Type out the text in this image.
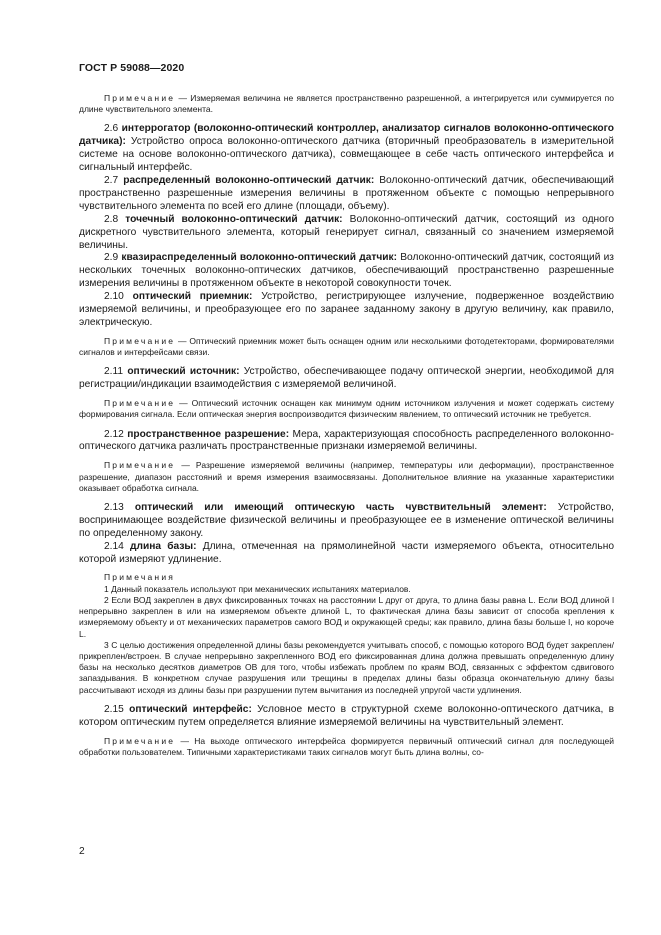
ГОСТ Р 59088—2020

Примечание — Измеряемая величина не является пространственно разрешенной, а интегрируется или суммируется по длине чувствительного элемента.

2.6 интеррогатор (волоконно-оптический контроллер, анализатор сигналов волоконно-оптического датчика): Устройство опроса волоконно-оптического датчика (вторичный преобразователь в измерительной системе на основе волоконно-оптического датчика), совмещающее в себе часть оптического интерфейса и сигнальный интерфейс.

2.7 распределенный волоконно-оптический датчик: Волоконно-оптический датчик, обеспечивающий пространственно разрешенные измерения величины в протяженном объекте с помощью непрерывного чувствительного элемента по всей его длине (площади, объему).

2.8 точечный волоконно-оптический датчик: Волоконно-оптический датчик, состоящий из одного дискретного чувствительного элемента, который генерирует сигнал, связанный со значением измеряемой величины.

2.9 квазираспределенный волоконно-оптический датчик: Волоконно-оптический датчик, состоящий из нескольких точечных волоконно-оптических датчиков, обеспечивающий пространственно разрешенные измерения величины в протяженном объекте в некоторой совокупности точек.

2.10 оптический приемник: Устройство, регистрирующее излучение, подверженное воздействию измеряемой величины, и преобразующее его по заранее заданному закону в другую величину, как правило, электрическую.

Примечание — Оптический приемник может быть оснащен одним или несколькими фотодетекторами, формирователями сигналов и интерфейсами связи.

2.11 оптический источник: Устройство, обеспечивающее подачу оптической энергии, необходимой для регистрации/индикации взаимодействия с измеряемой величиной.

Примечание — Оптический источник оснащен как минимум одним источником излучения и может содержать систему формирования сигнала. Если оптическая энергия воспроизводится физическим явлением, то оптический источник не требуется.

2.12 пространственное разрешение: Мера, характеризующая способность распределенного волоконно-оптического датчика различать пространственные признаки измеряемой величины.

Примечание — Разрешение измеряемой величины (например, температуры или деформации), пространственное разрешение, диапазон расстояний и время измерения взаимосвязаны. Дополнительное влияние на указанные характеристики оказывает обработка сигнала.

2.13 оптический или имеющий оптическую часть чувствительный элемент: Устройство, воспринимающее воздействие физической величины и преобразующее ее в изменение оптической величины по определенному закону.

2.14 длина базы: Длина, отмеченная на прямолинейной части измеряемого объекта, относительно которой измеряют удлинение.

Примечания

1 Данный показатель используют при механических испытаниях материалов.

2 Если ВОД закреплен в двух фиксированных точках на расстоянии L друг от друга, то длина базы равна L. Если ВОД длиной l непрерывно закреплен в или на измеряемом объекте длиной L, то фактическая длина базы зависит от способа крепления к измеряемому объекту и от механических параметров самого ВОД и окружающей среды; как правило, длина базы больше l, но короче L.

3 С целью достижения определенной длины базы рекомендуется учитывать способ, с помощью которого ВОД будет закреплен/прикреплен/встроен. В случае непрерывно закрепленного ВОД его фиксированная длина должна превышать определенную длину базы на несколько десятков диаметров ОВ для того, чтобы избежать проблем по краям ВОД, связанных с эффектом сдвигового запаздывания. В конкретном случае разрушения или трещины в пределах длины базы образца окончательную длину базы рассчитывают исходя из длины базы при разрушении путем вычитания из последней упругой части удлинения.

2.15 оптический интерфейс: Условное место в структурной схеме волоконно-оптического датчика, в котором оптическим путем определяется влияние измеряемой величины на чувствительный элемент.

Примечание — На выходе оптического интерфейса формируется первичный оптический сигнал для последующей обработки пользователем. Типичными характеристиками таких сигналов могут быть длина волны, со-

2
